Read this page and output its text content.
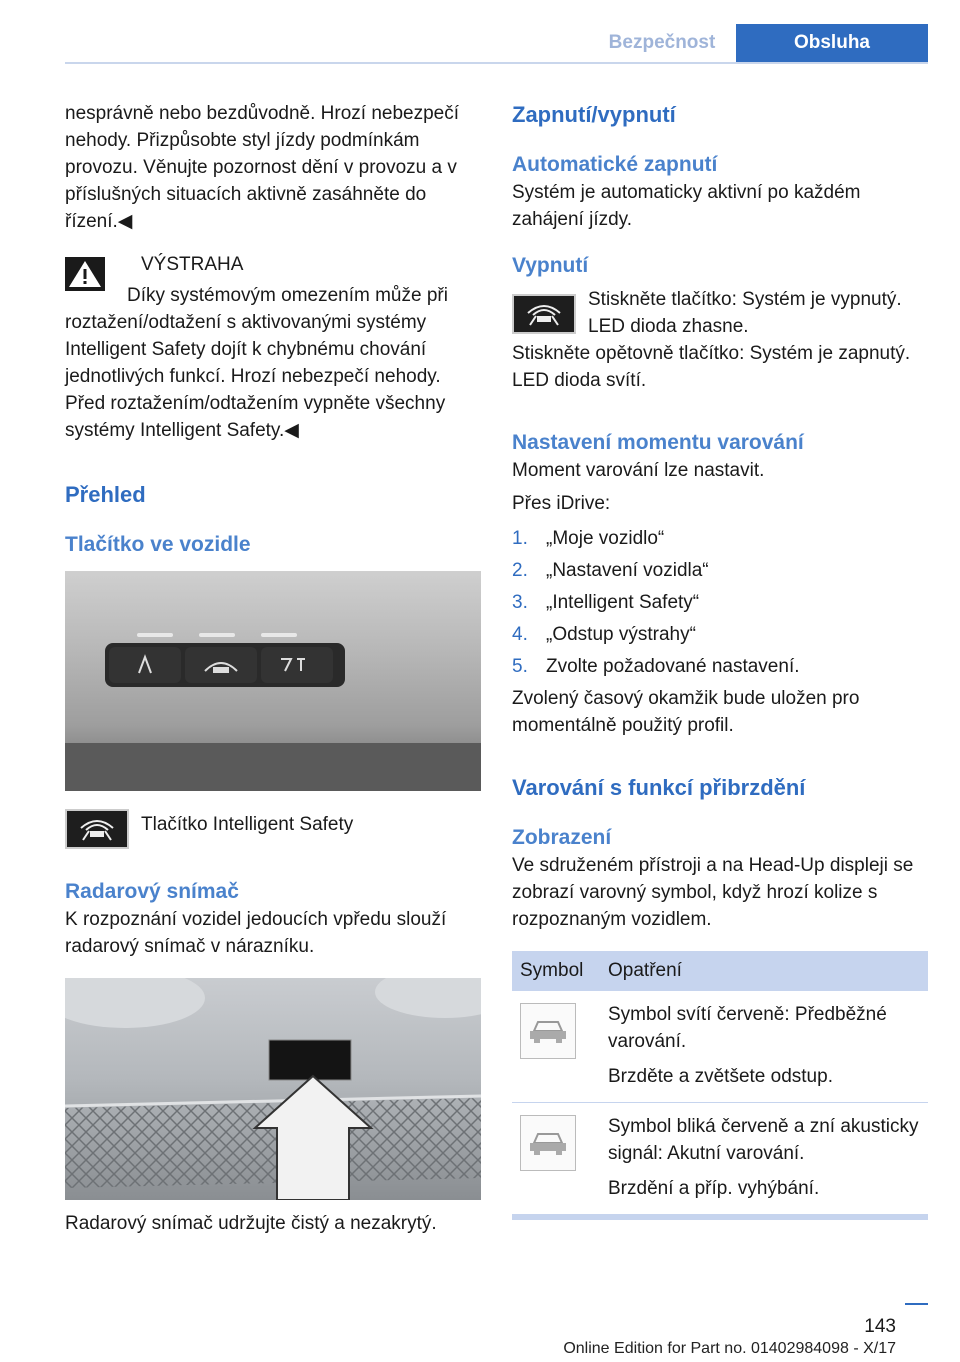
Bezpečnost	Obsluha

nesprávně nebo bezdůvodně. Hrozí nebezpečí nehody. Přizpůsobte styl jízdy podmínkám provozu. Věnujte pozornost dění v provozu a v příslušných situacích aktivně zasáhněte do řízení.◀

VÝSTRAHA

Díky systémovým omezením může při roztažení/odtažení s aktivovanými systémy Intelligent Safety dojít k chybnému chování jednotlivých funkcí. Hrozí nebezpečí nehody. Před roztažením/odtažením vypněte všechny systémy Intelligent Safety.◀

Přehled

Tlačítko ve vozidle

Tlačítko Intelligent Safety

Radarový snímač

K rozpoznání vozidel jedoucích vpředu slouží radarový snímač v nárazníku.

Radarový snímač udržujte čistý a nezakrytý.

Zapnutí/vypnutí

Automatické zapnutí

Systém je automaticky aktivní po každém zahájení jízdy.

Vypnutí

Stiskněte tlačítko: Systém je vypnutý. LED dioda zhasne.

Stiskněte opětovně tlačítko: Systém je zapnutý. LED dioda svítí.

Nastavení momentu varování

Moment varování lze nastavit.

Přes iDrive:

1. „Moje vozidlo“
2. „Nastavení vozidla“
3. „Intelligent Safety“
4. „Odstup výstrahy“
5. Zvolte požadované nastavení.

Zvolený časový okamžik bude uložen pro momentálně použitý profil.

Varování s funkcí přibrzdění

Zobrazení

Ve sdruženém přístroji a na Head-Up displeji se zobrazí varovný symbol, když hrozí kolize s rozpoznaným vozidlem.

Symbol	Opatření

Symbol svítí červeně: Předběžné varování.

Brzděte a zvětšete odstup.

Symbol bliká červeně a zní akusticky signál: Akutní varování.

Brzdění a příp. vyhýbání.

143
Online Edition for Part no. 01402984098 - X/17
